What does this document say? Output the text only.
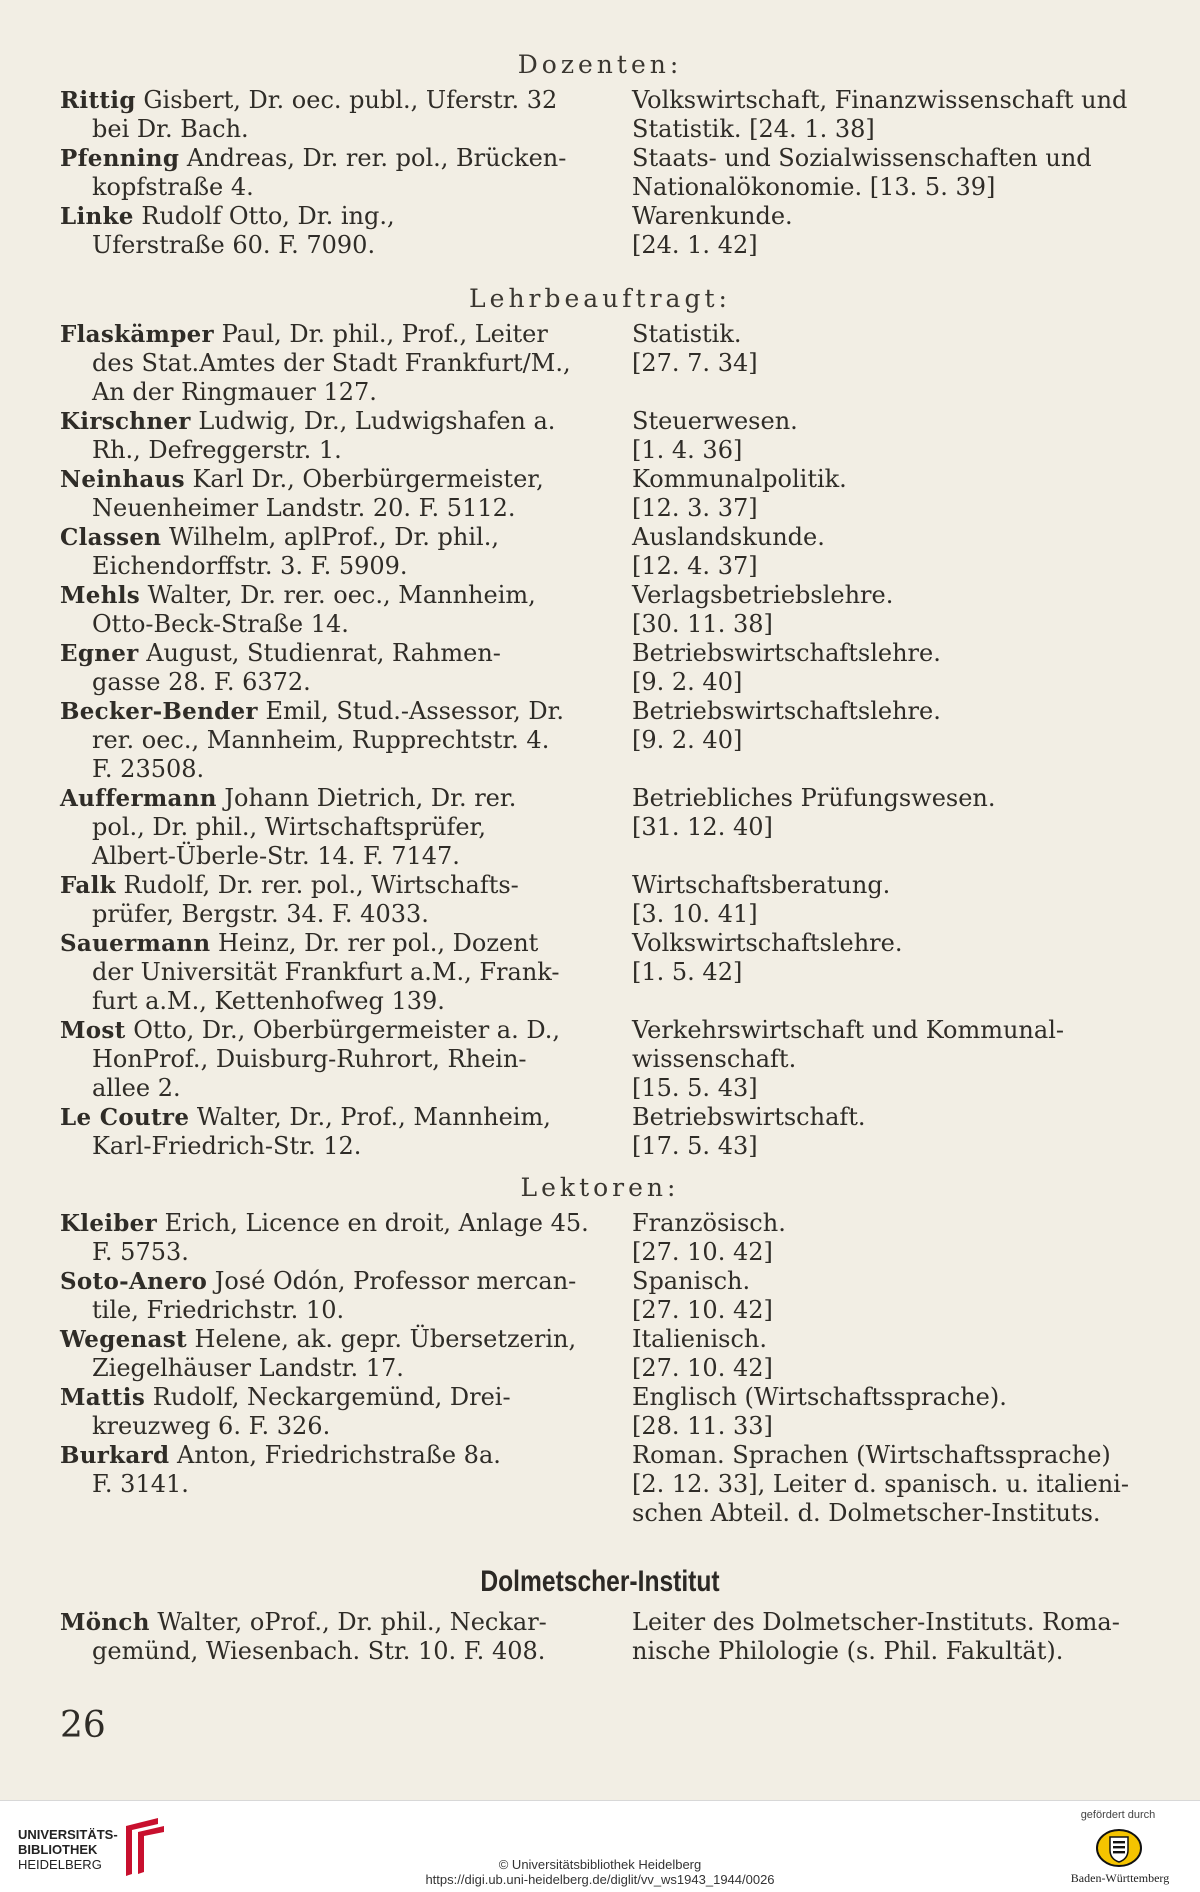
Dozenten:
Rittig Gisbert, Dr. oec. publ., Uferstr. 32
bei Dr. Bach.
Volkswirtschaft, Finanzwissenschaft und
Statistik. [24. 1. 38]
Pfenning Andreas, Dr. rer. pol., Brücken-
kopfstraße 4.
Staats- und Sozialwissenschaften und
Nationalökonomie. [13. 5. 39]
Linke Rudolf Otto, Dr. ing.,
Uferstraße 60. F. 7090.
Warenkunde.
[24. 1. 42]
Lehrbeauftragt:
Flaskämper Paul, Dr. phil., Prof., Leiter
des Stat.Amtes der Stadt Frankfurt/M.,
An der Ringmauer 127.
Statistik.
[27. 7. 34]
Kirschner Ludwig, Dr., Ludwigshafen a.
Rh., Defreggerstr. 1.
Steuerwesen.
[1. 4. 36]
Neinhaus Karl Dr., Oberbürgermeister,
Neuenheimer Landstr. 20. F. 5112.
Kommunalpolitik.
[12. 3. 37]
Classen Wilhelm, aplProf., Dr. phil.,
Eichendorffstr. 3. F. 5909.
Auslandskunde.
[12. 4. 37]
Mehls Walter, Dr. rer. oec., Mannheim,
Otto-Beck-Straße 14.
Verlagsbetriebslehre.
[30. 11. 38]
Egner August, Studienrat, Rahmen-
gasse 28. F. 6372.
Betriebswirtschaftslehre.
[9. 2. 40]
Becker-Bender Emil, Stud.-Assessor, Dr.
rer. oec., Mannheim, Rupprechtstr. 4.
F. 23508.
Betriebswirtschaftslehre.
[9. 2. 40]
Auffermann Johann Dietrich, Dr. rer.
pol., Dr. phil., Wirtschaftsprüfer,
Albert-Überle-Str. 14. F. 7147.
Betriebliches Prüfungswesen.
[31. 12. 40]
Falk Rudolf, Dr. rer. pol., Wirtschafts-
prüfer, Bergstr. 34. F. 4033.
Wirtschaftsberatung.
[3. 10. 41]
Sauermann Heinz, Dr. rer pol., Dozent
der Universität Frankfurt a.M., Frank-
furt a.M., Kettenhofweg 139.
Volkswirtschaftslehre.
[1. 5. 42]
Most Otto, Dr., Oberbürgermeister a. D.,
HonProf., Duisburg-Ruhrort, Rhein-
allee 2.
Verkehrswirtschaft und Kommunal-
wissenschaft.
[15. 5. 43]
Le Coutre Walter, Dr., Prof., Mannheim,
Karl-Friedrich-Str. 12.
Betriebswirtschaft.
[17. 5. 43]
Lektoren:
Kleiber Erich, Licence en droit, Anlage 45.
F. 5753.
Französisch.
[27. 10. 42]
Soto-Anero José Odón, Professor mercan-
tile, Friedrichstr. 10.
Spanisch.
[27. 10. 42]
Wegenast Helene, ak. gepr. Übersetzerin,
Ziegelhäuser Landstr. 17.
Italienisch.
[27. 10. 42]
Mattis Rudolf, Neckargemünd, Drei-
kreuzweg 6. F. 326.
Englisch (Wirtschaftssprache).
[28. 11. 33]
Burkard Anton, Friedrichstraße 8a.
F. 3141.
Roman. Sprachen (Wirtschaftssprache)
[2. 12. 33], Leiter d. spanisch. u. italieni-
schen Abteil. d. Dolmetscher-Instituts.
Dolmetscher-Institut
Mönch Walter, oProf., Dr. phil., Neckar-
gemünd, Wiesenbach. Str. 10. F. 408.
Leiter des Dolmetscher-Instituts. Roma-
nische Philologie (s. Phil. Fakultät).
26
UNIVERSITÄTS-
BIBLIOTHEK
HEIDELBERG	© Universitätsbibliothek Heidelberg
https://digi.ub.uni-heidelberg.de/diglit/vv_ws1943_1944/0026
gefördert durch
Baden-Württemberg
